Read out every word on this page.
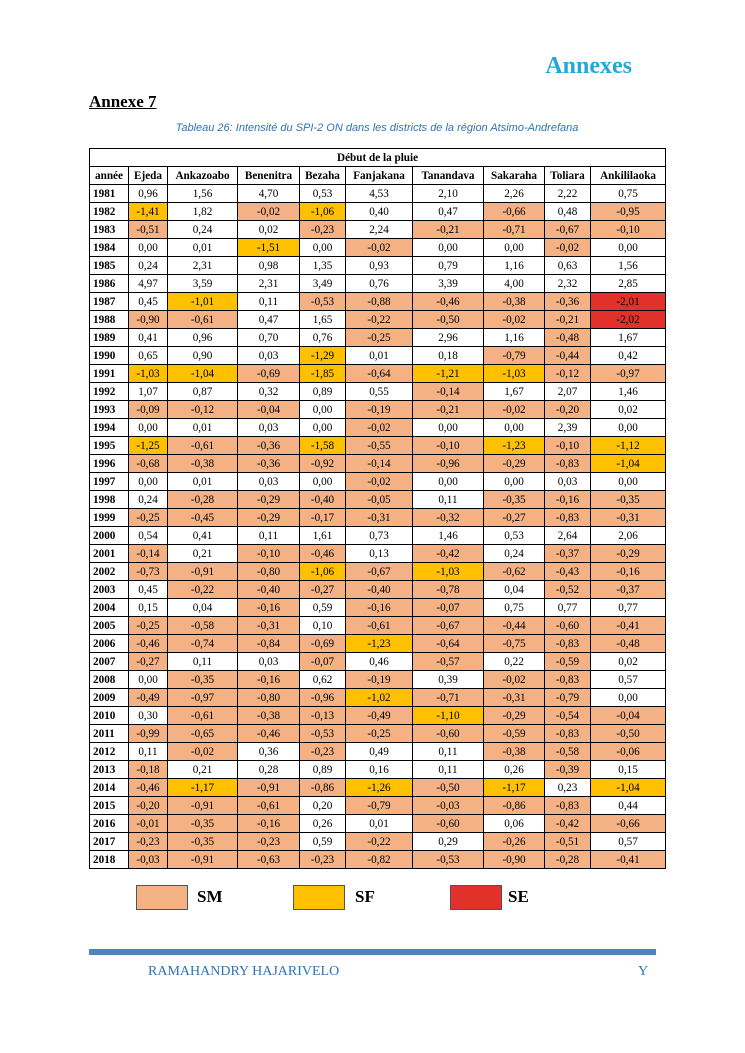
Annexes
Annexe 7
Tableau 26: Intensité du SPI-2 ON dans les districts de la région Atsimo-Andrefana
Début de la pluie									
année	Ejeda	Ankazoabo	Benenitra	Bezaha	Fanjakana	Tanandava	Sakaraha	Toliara	Ankililaoka
1981	0,96	1,56	4,70	0,53	4,53	2,10	2,26	2,22	0,75
1982	-1,41	1,82	-0,02	-1,06	0,40	0,47	-0,66	0,48	-0,95
1983	-0,51	0,24	0,02	-0,23	2,24	-0,21	-0,71	-0,67	-0,10
1984	0,00	0,01	-1,51	0,00	-0,02	0,00	0,00	-0,02	0,00
1985	0,24	2,31	0,98	1,35	0,93	0,79	1,16	0,63	1,56
1986	4,97	3,59	2,31	3,49	0,76	3,39	4,00	2,32	2,85
1987	0,45	-1,01	0,11	-0,53	-0,88	-0,46	-0,38	-0,36	-2,01
1988	-0,90	-0,61	0,47	1,65	-0,22	-0,50	-0,02	-0,21	-2,02
1989	0,41	0,96	0,70	0,76	-0,25	2,96	1,16	-0,48	1,67
1990	0,65	0,90	0,03	-1,29	0,01	0,18	-0,79	-0,44	0,42
1991	-1,03	-1,04	-0,69	-1,85	-0,64	-1,21	-1,03	-0,12	-0,97
1992	1,07	0,87	0,32	0,89	0,55	-0,14	1,67	2,07	1,46
1993	-0,09	-0,12	-0,04	0,00	-0,19	-0,21	-0,02	-0,20	0,02
1994	0,00	0,01	0,03	0,00	-0,02	0,00	0,00	2,39	0,00
1995	-1,25	-0,61	-0,36	-1,58	-0,55	-0,10	-1,23	-0,10	-1,12
1996	-0,68	-0,38	-0,36	-0,92	-0,14	-0,96	-0,29	-0,83	-1,04
1997	0,00	0,01	0,03	0,00	-0,02	0,00	0,00	0,03	0,00
1998	0,24	-0,28	-0,29	-0,40	-0,05	0,11	-0,35	-0,16	-0,35
1999	-0,25	-0,45	-0,29	-0,17	-0,31	-0,32	-0,27	-0,83	-0,31
2000	0,54	0,41	0,11	1,61	0,73	1,46	0,53	2,64	2,06
2001	-0,14	0,21	-0,10	-0,46	0,13	-0,42	0,24	-0,37	-0,29
2002	-0,73	-0,91	-0,80	-1,06	-0,67	-1,03	-0,62	-0,43	-0,16
2003	0,45	-0,22	-0,40	-0,27	-0,40	-0,78	0,04	-0,52	-0,37
2004	0,15	0,04	-0,16	0,59	-0,16	-0,07	0,75	0,77	0,77
2005	-0,25	-0,58	-0,31	0,10	-0,61	-0,67	-0,44	-0,60	-0,41
2006	-0,46	-0,74	-0,84	-0,69	-1,23	-0,64	-0,75	-0,83	-0,48
2007	-0,27	0,11	0,03	-0,07	0,46	-0,57	0,22	-0,59	0,02
2008	0,00	-0,35	-0,16	0,62	-0,19	0,39	-0,02	-0,83	0,57
2009	-0,49	-0,97	-0,80	-0,96	-1,02	-0,71	-0,31	-0,79	0,00
2010	0,30	-0,61	-0,38	-0,13	-0,49	-1,10	-0,29	-0,54	-0,04
2011	-0,99	-0,65	-0,46	-0,53	-0,25	-0,60	-0,59	-0,83	-0,50
2012	0,11	-0,02	0,36	-0,23	0,49	0,11	-0,38	-0,58	-0,06
2013	-0,18	0,21	0,28	0,89	0,16	0,11	0,26	-0,39	0,15
2014	-0,46	-1,17	-0,91	-0,86	-1,26	-0,50	-1,17	0,23	-1,04
2015	-0,20	-0,91	-0,61	0,20	-0,79	-0,03	-0,86	-0,83	0,44
2016	-0,01	-0,35	-0,16	0,26	0,01	-0,60	0,06	-0,42	-0,66
2017	-0,23	-0,35	-0,23	0,59	-0,22	0,29	-0,26	-0,51	0,57
2018	-0,03	-0,91	-0,63	-0,23	-0,82	-0,53	-0,90	-0,28	-0,41
SM	SF	SE
RAMAHANDRY HAJARIVELO	Y
